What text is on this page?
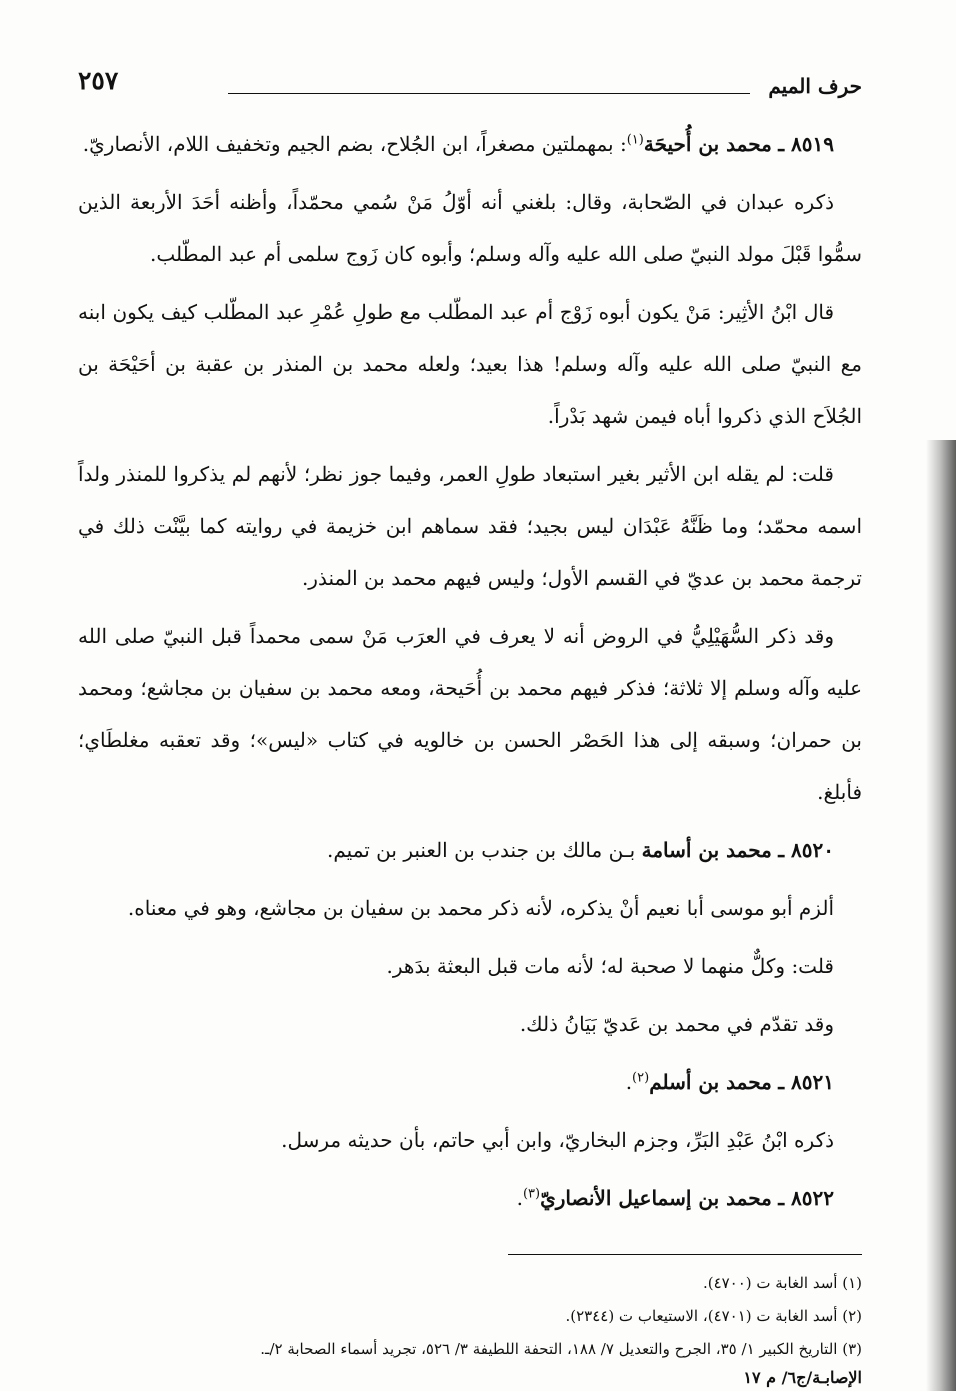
حرف الميم
٢٥٧

٨٥١٩ ـ محمد بن أُحيحَة$^{(١)}$: بمهملتين مصغراً، ابن الجُلاح، بضم الجيم وتخفيف اللام، الأنصاريّ.

ذكره عبدان في الصّحابة، وقال: بلغني أنه أوّلُ مَنْ سُمي محمّداً، وأظنه أحَدَ الأربعة الذين سمُّوا قَبْلَ مولد النبيّ صلى الله عليه وآله وسلم؛ وأبوه كان زَوج سلمى أم عبد المطّلب.

قال ابْنُ الأثِير: مَنْ يكون أبوه زَوْج أم عبد المطّلب مع طولِ عُمْرِ عبد المطّلب كيف يكون ابنه مع النبيّ صلى الله عليه وآله وسلم! هذا بعيد؛ ولعله محمد بن المنذر بن عقبة بن أحَيْحَة بن الجُلاَح الذي ذكروا أباه فيمن شهد بَدْراً.

قلت: لم يقله ابن الأثير بغير استبعاد طولِ العمر، وفيما جوز نظر؛ لأنهم لم يذكروا للمنذر ولداً اسمه محمّد؛ وما ظَنَّهُ عَبْدَان ليس بجيد؛ فقد سماهم ابن خزيمة في روايته كما بيَّنْت ذلك في ترجمة محمد بن عديّ في القسم الأول؛ وليس فيهم محمد بن المنذر.

وقد ذكر السُّهَيْلِيُّ في الروض أنه لا يعرف في العرَب مَنْ سمى محمداً قبل النبيّ صلى الله عليه وآله وسلم إلا ثلاثة؛ فذكر فيهم محمد بن أُحَيحة، ومعه محمد بن سفيان بن مجاشع؛ ومحمد بن حمران؛ وسبقه إلى هذا الحَصْر الحسن بن خالويه في كتاب «ليس»؛ وقد تعقبه مغلطَاي؛ فأبلغ.

٨٥٢٠ ـ محمد بن أسامة بـن مالك بن جندب بن العنبر بن تميم.

ألزم أبو موسى أبا نعيم أنْ يذكره، لأنه ذكر محمد بن سفيان بن مجاشع، وهو في معناه.

قلت: وكلٌّ منهما لا صحبة له؛ لأنه مات قبل البعثة بدَهر.

وقد تقدّم في محمد بن عَديّ بَيَانُ ذلك.

٨٥٢١ ـ محمد بن أسلم$^{(٢)}$.

ذكره ابْنُ عَبْدِ البَرِّ، وجزم البخاريّ، وابن أبي حاتم، بأن حديثه مرسل.

٨٥٢٢ ـ محمد بن إسماعيل الأنصاريّ$^{(٣)}$.

(١) أسد الغابة ت (٤٧٠٠).

(٢) أسد الغابة ت (٤٧٠١)، الاستيعاب ت (٢٣٤٤).

(٣) التاريخ الكبير ١/ ٣٥، الجرح والتعديل ٧/ ١٨٨، التحفة اللطيفة ٣/ ٥٢٦، تجريد أسماء الصحابة ٢/ـ.

الإصابـة/ج٦/ م ١٧
